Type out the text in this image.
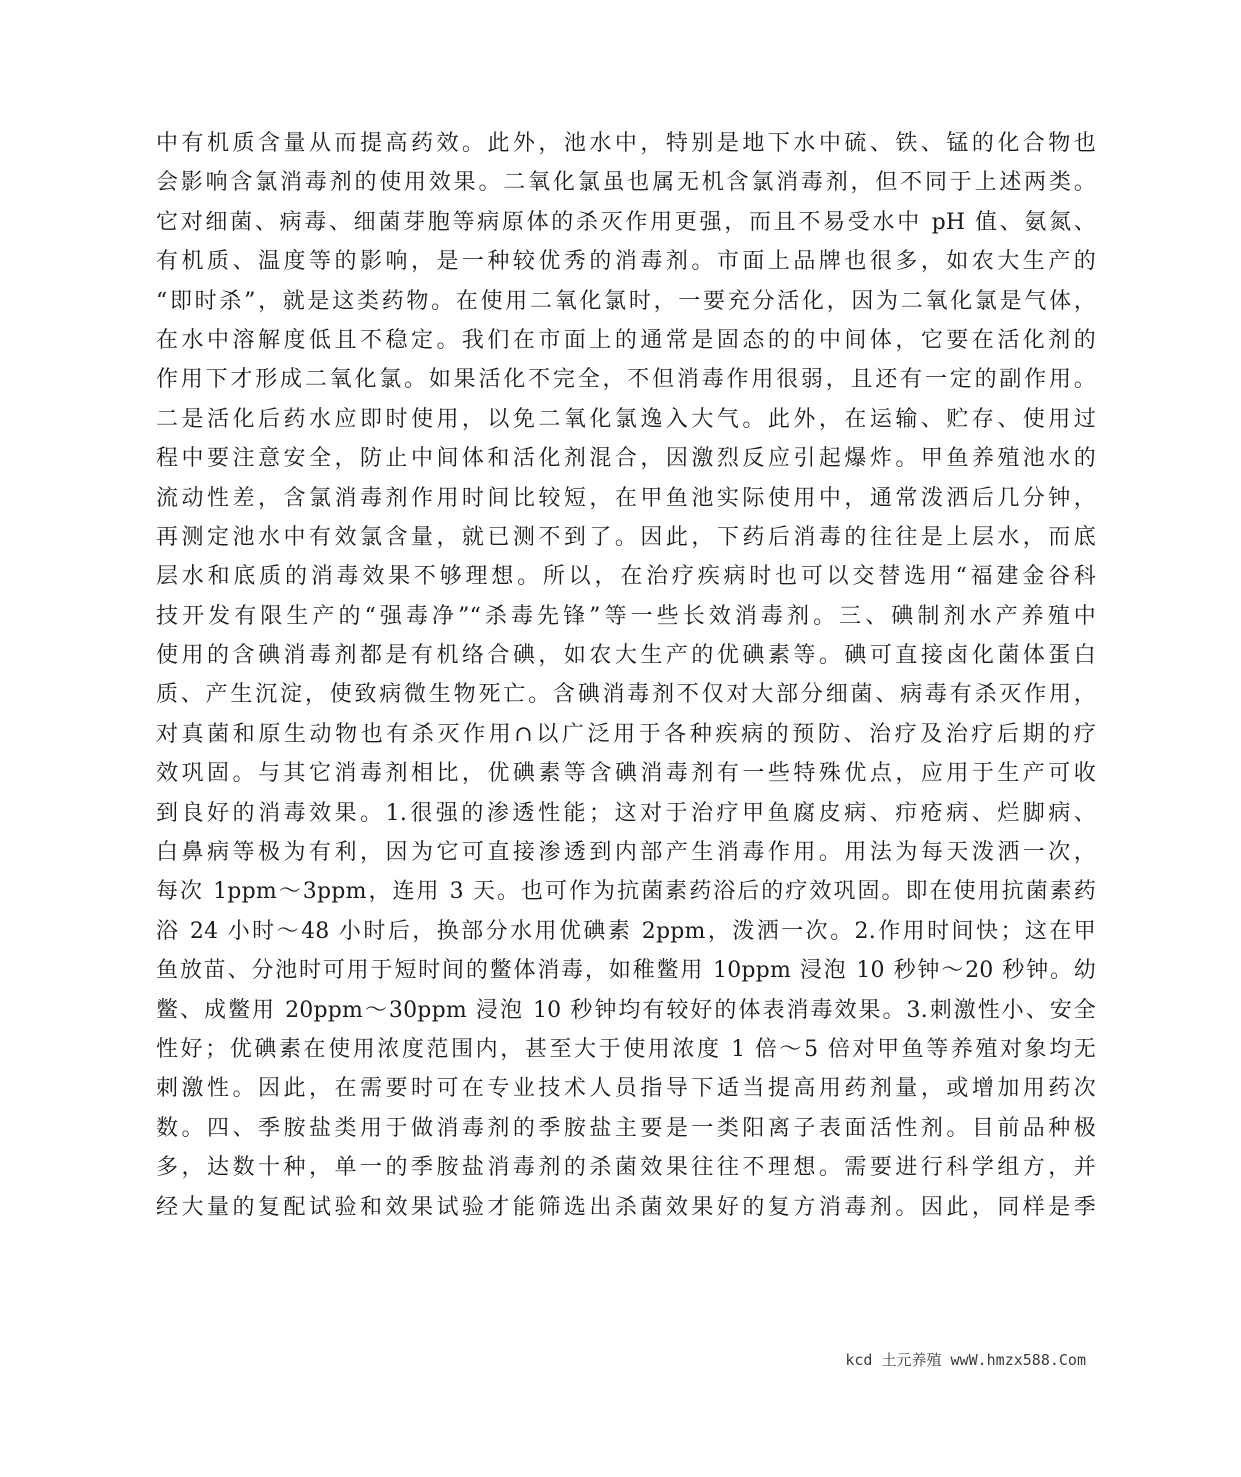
中有机质含量从而提高药效。此外，池水中，特别是地下水中硫、铁、锰的化合物也
会影响含氯消毒剂的使用效果。二氧化氯虽也属无机含氯消毒剂，但不同于上述两类。
它对细菌、病毒、细菌芽胞等病原体的杀灭作用更强，而且不易受水中 pH 值、氨氮、
有机质、温度等的影响，是一种较优秀的消毒剂。市面上品牌也很多，如农大生产的
“即时杀”，就是这类药物。在使用二氧化氯时，一要充分活化，因为二氧化氯是气体，
在水中溶解度低且不稳定。我们在市面上的通常是固态的的中间体，它要在活化剂的
作用下才形成二氧化氯。如果活化不完全，不但消毒作用很弱，且还有一定的副作用。
二是活化后药水应即时使用，以免二氧化氯逸入大气。此外，在运输、贮存、使用过
程中要注意安全，防止中间体和活化剂混合，因激烈反应引起爆炸。甲鱼养殖池水的
流动性差，含氯消毒剂作用时间比较短，在甲鱼池实际使用中，通常泼洒后几分钟，
再测定池水中有效氯含量，就已测不到了。因此，下药后消毒的往往是上层水，而底
层水和底质的消毒效果不够理想。所以，在治疗疾病时也可以交替选用“福建金谷科
技开发有限生产的“强毒净”“杀毒先锋”等一些长效消毒剂。三、碘制剂水产养殖中
使用的含碘消毒剂都是有机络合碘，如农大生产的优碘素等。碘可直接卤化菌体蛋白
质、产生沉淀，使致病微生物死亡。含碘消毒剂不仅对大部分细菌、病毒有杀灭作用，
对真菌和原生动物也有杀灭作用∩以广泛用于各种疾病的预防、治疗及治疗后期的疗
效巩固。与其它消毒剂相比，优碘素等含碘消毒剂有一些特殊优点，应用于生产可收
到良好的消毒效果。1.很强的渗透性能；这对于治疗甲鱼腐皮病、疖疮病、烂脚病、
白鼻病等极为有利，因为它可直接渗透到内部产生消毒作用。用法为每天泼洒一次，
每次 1ppm～3ppm，连用 3 天。也可作为抗菌素药浴后的疗效巩固。即在使用抗菌素药
浴 24 小时～48 小时后，换部分水用优碘素 2ppm，泼洒一次。2.作用时间快；这在甲
鱼放苗、分池时可用于短时间的鳖体消毒，如稚鳖用 10ppm 浸泡 10 秒钟～20 秒钟。幼
鳖、成鳖用 20ppm～30ppm 浸泡 10 秒钟均有较好的体表消毒效果。3.刺激性小、安全
性好；优碘素在使用浓度范围内，甚至大于使用浓度 1 倍～5 倍对甲鱼等养殖对象均无
刺激性。因此，在需要时可在专业技术人员指导下适当提高用药剂量，或增加用药次
数。四、季胺盐类用于做消毒剂的季胺盐主要是一类阳离子表面活性剂。目前品种极
多，达数十种，单一的季胺盐消毒剂的杀菌效果往往不理想。需要进行科学组方，并
经大量的复配试验和效果试验才能筛选出杀菌效果好的复方消毒剂。因此，同样是季
kcd 土元养殖 wwW.hmzx588.Com
